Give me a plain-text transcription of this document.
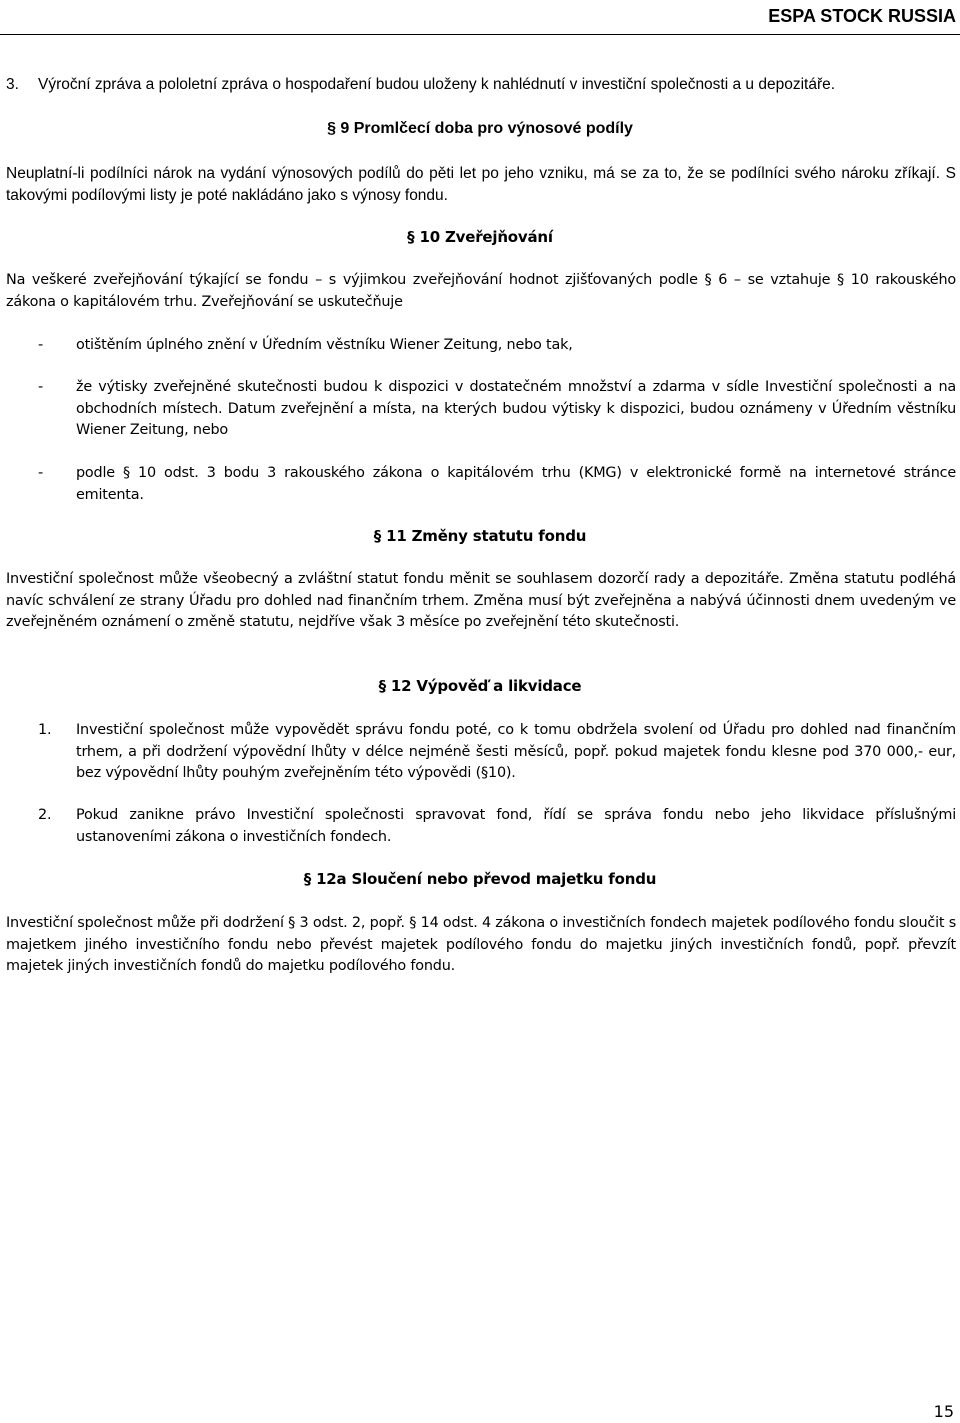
ESPA STOCK RUSSIA
3. Výroční zpráva a pololetní zpráva o hospodaření budou uloženy k nahlédnutí v investiční společnosti a u depozitáře.
§ 9 Promlčecí doba pro výnosové podíly
Neuplatní-li podílníci nárok na vydání výnosových podílů do pěti let po jeho vzniku, má se za to, že se podílníci svého nároku zříkají. S takovými podílovými listy je poté nakládáno jako s výnosy fondu.
§ 10 Zveřejňování
Na veškeré zveřejňování týkající se fondu – s výjimkou zveřejňování hodnot zjišťovaných podle § 6 – se vztahuje § 10 rakouského zákona o kapitálovém trhu. Zveřejňování se uskutečňuje
- otištěním úplného znění v Úředním věstníku Wiener Zeitung, nebo tak,
- že výtisky zveřejněné skutečnosti budou k dispozici v dostatečném množství a zdarma v sídle Investiční společnosti a na obchodních místech. Datum zveřejnění a místa, na kterých budou výtisky k dispozici, budou oznámeny v Úředním věstníku Wiener Zeitung, nebo
- podle § 10 odst. 3 bodu 3 rakouského zákona o kapitálovém trhu (KMG) v elektronické formě na internetové stránce emitenta.
§ 11 Změny statutu fondu
Investiční společnost může všeobecný a zvláštní statut fondu měnit se souhlasem dozorčí rady a depozitáře. Změna statutu podléhá navíc schválení ze strany Úřadu pro dohled nad finančním trhem. Změna musí být zveřejněna a nabývá účinnosti dnem uvedeným ve zveřejněném oznámení o změně statutu, nejdříve však 3 měsíce po zveřejnění této skutečnosti.
§ 12 Výpověď a likvidace
1. Investiční společnost může vypovědět správu fondu poté, co k tomu obdržela svolení od Úřadu pro dohled nad finančním trhem, a při dodržení výpovědní lhůty v délce nejméně šesti měsíců, popř. pokud majetek fondu klesne pod 370 000,- eur, bez výpovědní lhůty pouhým zveřejněním této výpovědi (§10).
2. Pokud zanikne právo Investiční společnosti spravovat fond, řídí se správa fondu nebo jeho likvidace příslušnými ustanoveními zákona o investičních fondech.
§ 12a Sloučení nebo převod majetku fondu
Investiční společnost může při dodržení § 3 odst. 2, popř. § 14 odst. 4 zákona o investičních fondech majetek podílového fondu sloučit s majetkem jiného investičního fondu nebo převést majetek podílového fondu do majetku jiných investičních fondů, popř. převzít majetek jiných investičních fondů do majetku podílového fondu.
15
